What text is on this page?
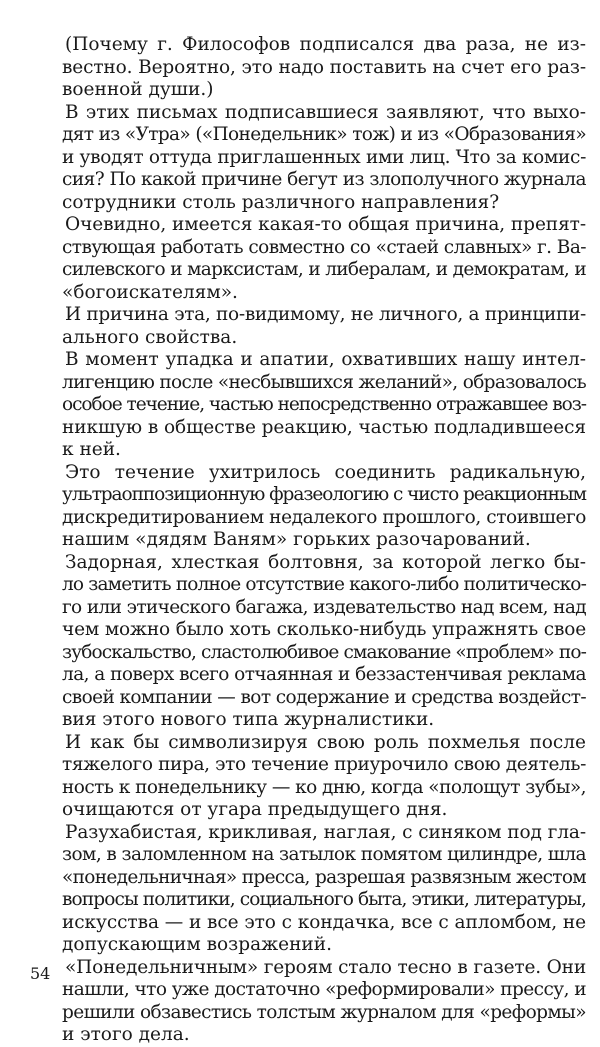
(Почему г. Философов подписался два раза, не из-
вестно. Вероятно, это надо поставить на счет его раз-
военной души.)
В этих письмах подписавшиеся заявляют, что выхо-
дят из «Утра» («Понедельник» тож) и из «Образования»
и уводят оттуда приглашенных ими лиц. Что за комис-
сия? По какой причине бегут из злополучного журнала
сотрудники столь различного направления?
Очевидно, имеется какая-то общая причина, препят-
ствующая работать совместно со «стаей славных» г. Ва-
силевского и марксистам, и либералам, и демократам, и
«богоискателям».
И причина эта, по-видимому, не личного, а принципи-
ального свойства.
В момент упадка и апатии, охвативших нашу интел-
лигенцию после «несбывшихся желаний», образовалось
особое течение, частью непосредственно отражавшее воз-
никшую в обществе реакцию, частью подладившееся
к ней.
Это течение ухитрилось соединить радикальную,
ультраоппозиционную фразеологию с чисто реакционным
дискредитированием недалекого прошлого, стоившего
нашим «дядям Ваням» горьких разочарований.
Задорная, хлесткая болтовня, за которой легко бы-
ло заметить полное отсутствие какого-либо политическо-
го или этического багажа, издевательство над всем, над
чем можно было хоть сколько-нибудь упражнять свое
зубоскальство, сластолюбивое смакование «проблем» по-
ла, а поверх всего отчаянная и беззастенчивая реклама
своей компании — вот содержание и средства воздейст-
вия этого нового типа журналистики.
И как бы символизируя свою роль похмелья после
тяжелого пира, это течение приурочило свою деятель-
ность к понедельнику — ко дню, когда «полощут зубы»,
очищаются от угара предыдущего дня.
Разухабистая, крикливая, наглая, с синяком под гла-
зом, в заломленном на затылок помятом цилиндре, шла
«понедельничная» пресса, разрешая развязным жестом
вопросы политики, социального быта, этики, литературы,
искусства — и все это с кондачка, все с апломбом, не
допускающим возражений.
«Понедельничным» героям стало тесно в газете. Они
нашли, что уже достаточно «реформировали» прессу, и
решили обзавестись толстым журналом для «реформы»
и этого дела.
54
